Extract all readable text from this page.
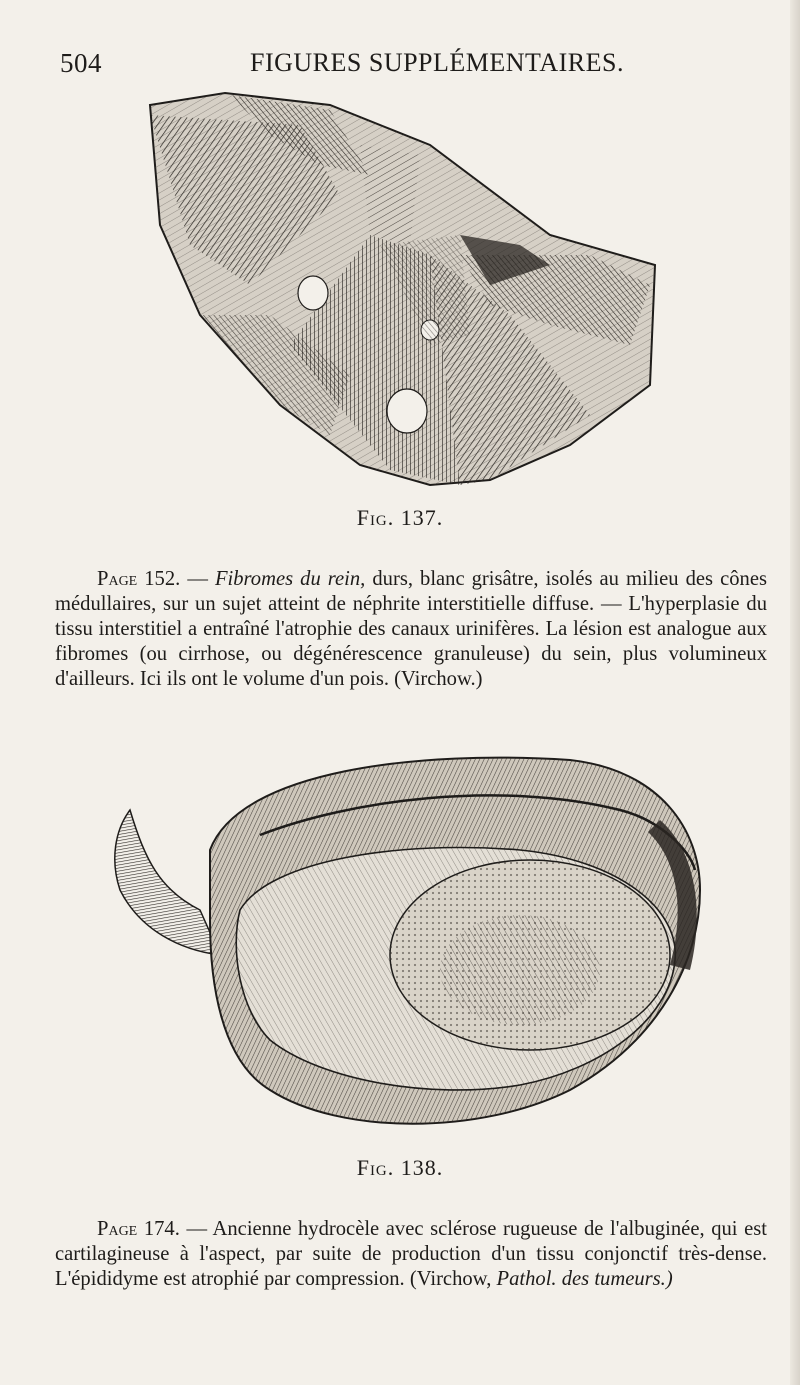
504	FIGURES SUPPLÉMENTAIRES.
Fig. 137.

Page 152. — Fibromes du rein, durs, blanc grisâtre, isolés au milieu des cônes médullaires, sur un sujet atteint de néphrite interstitielle diffuse. — L'hyperplasie du tissu interstitiel a entraîné l'atrophie des canaux urinifères. La lésion est analogue aux fibromes (ou cirrhose, ou dégénérescence granuleuse) du sein, plus volumineux d'ailleurs. Ici ils ont le volume d'un pois. (Virchow.)

Fig. 138.

Page 174. — Ancienne hydrocèle avec sclérose rugueuse de l'albuginée, qui est cartilagineuse à l'aspect, par suite de production d'un tissu conjonctif très-dense. L'épididyme est atrophié par compression. (Virchow, Pathol. des tumeurs.)
